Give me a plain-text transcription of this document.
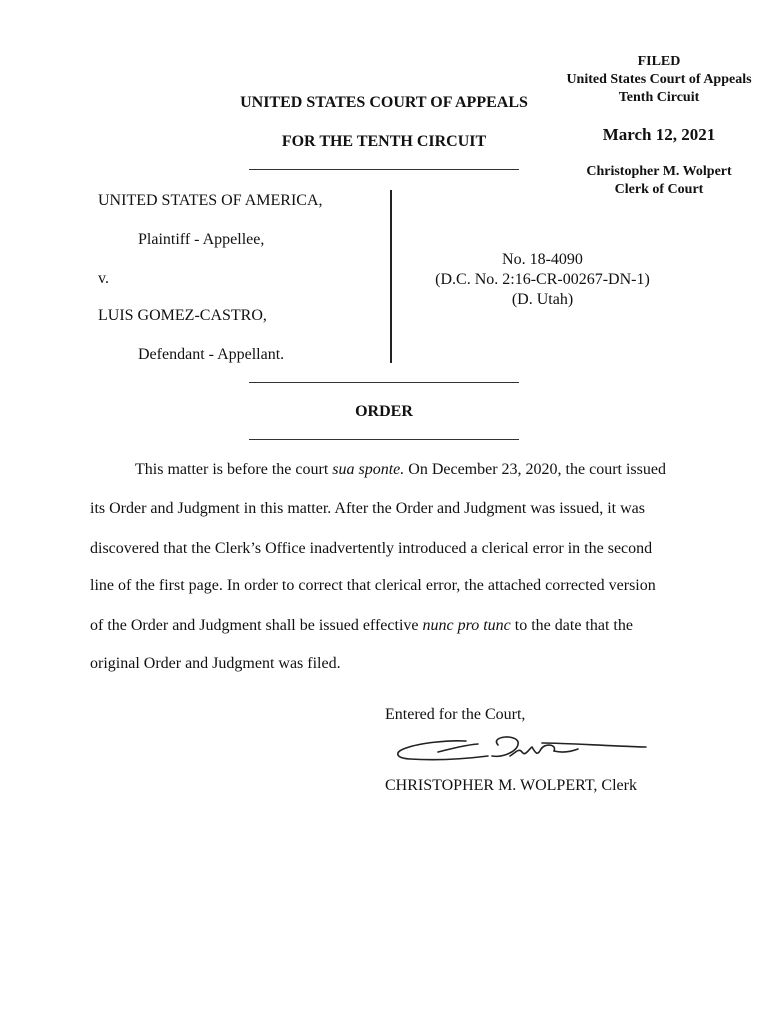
FILED
United States Court of Appeals
Tenth Circuit
March 12, 2021
Christopher M. Wolpert
Clerk of Court
UNITED STATES COURT OF APPEALS
FOR THE TENTH CIRCUIT
UNITED STATES OF AMERICA,
Plaintiff - Appellee,
v.
LUIS GOMEZ-CASTRO,
Defendant - Appellant.
No. 18-4090
(D.C. No. 2:16-CR-00267-DN-1)
(D. Utah)
ORDER
This matter is before the court sua sponte. On December 23, 2020, the court issued
its Order and Judgment in this matter. After the Order and Judgment was issued, it was
discovered that the Clerk’s Office inadvertently introduced a clerical error in the second
line of the first page. In order to correct that clerical error, the attached corrected version
of the Order and Judgment shall be issued effective nunc pro tunc to the date that the
original Order and Judgment was filed.
Entered for the Court,
CHRISTOPHER M. WOLPERT, Clerk
